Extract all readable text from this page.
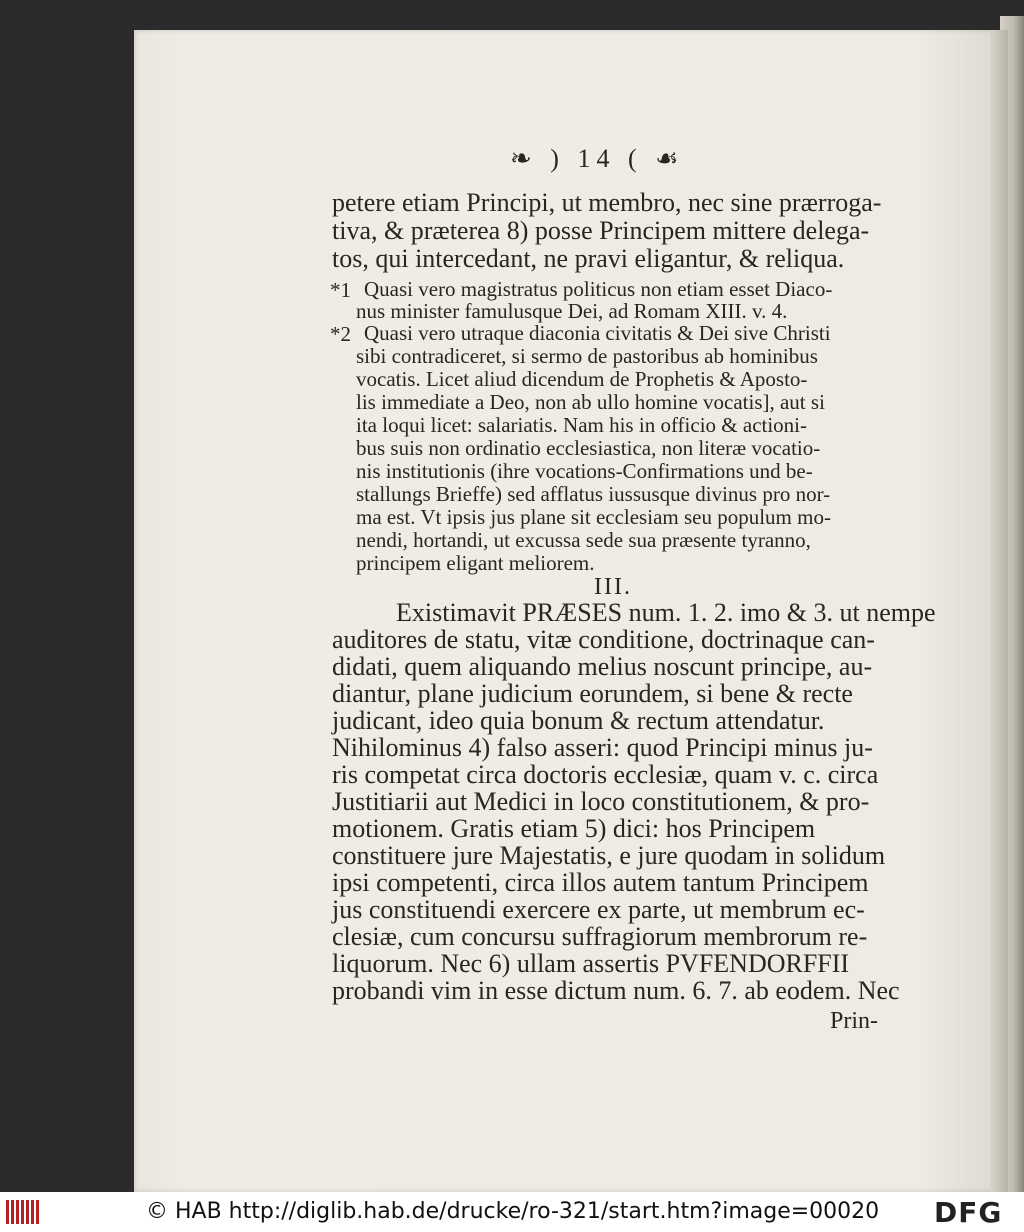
❧ ) 14 ( ☙
petere etiam Principi, ut membro, nec sine prærroga-
tiva, & præterea 8) posse Principem mittere delega-
tos, qui intercedant, ne pravi eligantur, & reliqua.
*1 Quasi vero magistratus politicus non etiam esset Diaco-
nus minister famulusque Dei, ad Romam XIII. v. 4.
*2 Quasi vero utraque diaconia civitatis & Dei sive Christi
sibi contradiceret, si sermo de pastoribus ab hominibus
vocatis. Licet aliud dicendum de Prophetis & Aposto-
lis immediate a Deo, non ab ullo homine vocatis], aut si
ita loqui licet: salariatis. Nam his in officio & actioni-
bus suis non ordinatio ecclesiastica, non literæ vocatio-
nis institutionis (ihre vocations-Confirmations und be-
stallungs Brieffe) sed afflatus iussusque divinus pro nor-
ma est. Vt ipsis jus plane sit ecclesiam seu populum mo-
nendi, hortandi, ut excussa sede sua præsente tyranno,
principem eligant meliorem.
III.
Existimavit PRÆSES num. 1. 2. imo & 3. ut nempe
auditores de statu, vitæ conditione, doctrinaque can-
didati, quem aliquando melius noscunt principe, au-
diantur, plane judicium eorundem, si bene & recte
judicant, ideo quia bonum & rectum attendatur.
Nihilominus 4) falso asseri: quod Principi minus ju-
ris competat circa doctoris ecclesiæ, quam v. c. circa
Justitiarii aut Medici in loco constitutionem, & pro-
motionem. Gratis etiam 5) dici: hos Principem
constituere jure Majestatis, e jure quodam in solidum
ipsi competenti, circa illos autem tantum Principem
jus constituendi exercere ex parte, ut membrum ec-
clesiæ, cum concursu suffragiorum membrorum re-
liquorum. Nec 6) ullam assertis PVFENDORFFII
probandi vim in esse dictum num. 6. 7. ab eodem. Nec
Prin-
© HAB http://diglib.hab.de/drucke/ro-321/start.htm?image=00020 DFG
